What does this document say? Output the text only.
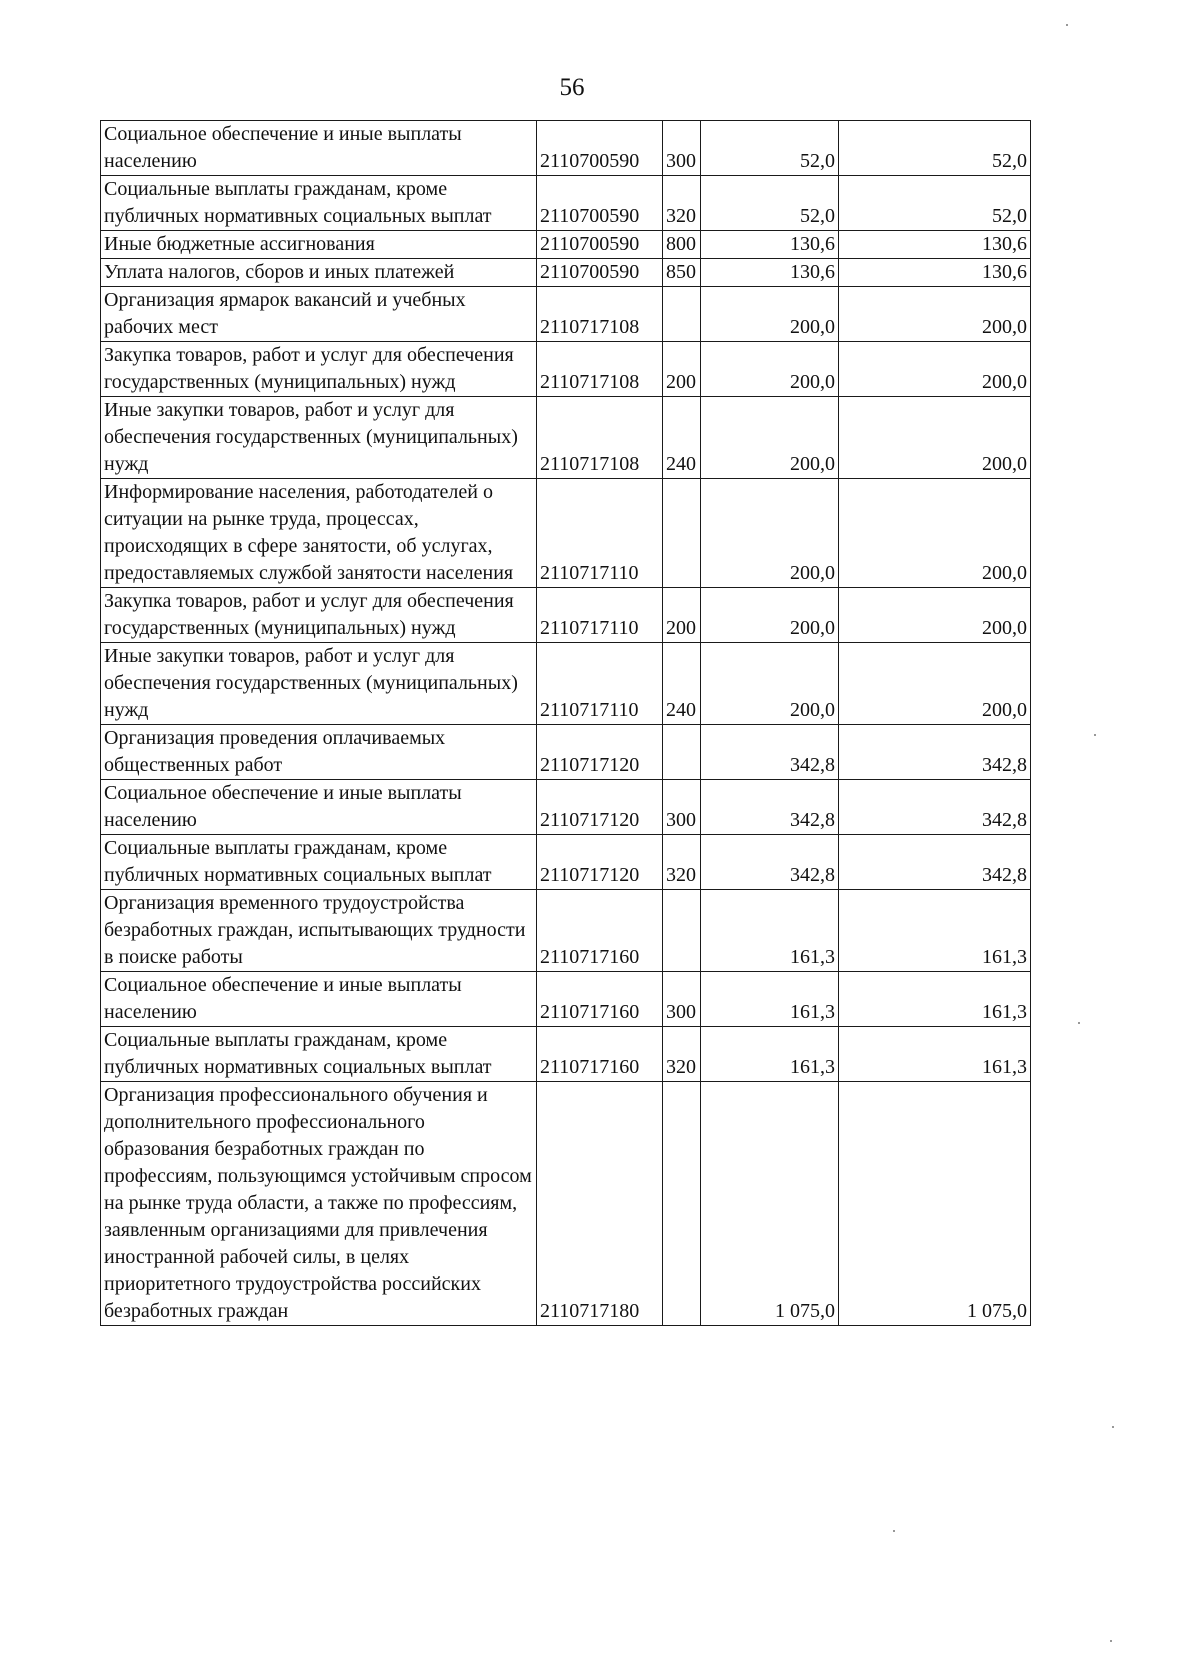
56
Социальное обеспечение и иные выплаты населению	2110700590	300	52,0	52,0
Социальные выплаты гражданам, кроме публичных нормативных социальных выплат	2110700590	320	52,0	52,0
Иные бюджетные ассигнования	2110700590	800	130,6	130,6
Уплата налогов, сборов и иных платежей	2110700590	850	130,6	130,6
Организация ярмарок вакансий и учебных рабочих мест	2110717108		200,0	200,0
Закупка товаров, работ и услуг для обеспечения государственных (муниципальных) нужд	2110717108	200	200,0	200,0
Иные закупки товаров, работ и услуг для обеспечения государственных (муниципальных) нужд	2110717108	240	200,0	200,0
Информирование населения, работодателей о ситуации на рынке труда, процессах, происходящих в сфере занятости, об услугах, предоставляемых службой занятости населения	2110717110		200,0	200,0
Закупка товаров, работ и услуг для обеспечения государственных (муниципальных) нужд	2110717110	200	200,0	200,0
Иные закупки товаров, работ и услуг для обеспечения государственных (муниципальных) нужд	2110717110	240	200,0	200,0
Организация проведения оплачиваемых общественных работ	2110717120		342,8	342,8
Социальное обеспечение и иные выплаты населению	2110717120	300	342,8	342,8
Социальные выплаты гражданам, кроме публичных нормативных социальных выплат	2110717120	320	342,8	342,8
Организация временного трудоустройства безработных граждан, испытывающих трудности в поиске работы	2110717160		161,3	161,3
Социальное обеспечение и иные выплаты населению	2110717160	300	161,3	161,3
Социальные выплаты гражданам, кроме публичных нормативных социальных выплат	2110717160	320	161,3	161,3
Организация профессионального обучения и дополнительного профессионального образования безработных граждан по профессиям, пользующимся устойчивым спросом на рынке труда области, а также по профессиям, заявленным организациями для привлечения иностранной рабочей силы, в целях приоритетного трудоустройства российских безработных граждан	2110717180		1 075,0	1 075,0
